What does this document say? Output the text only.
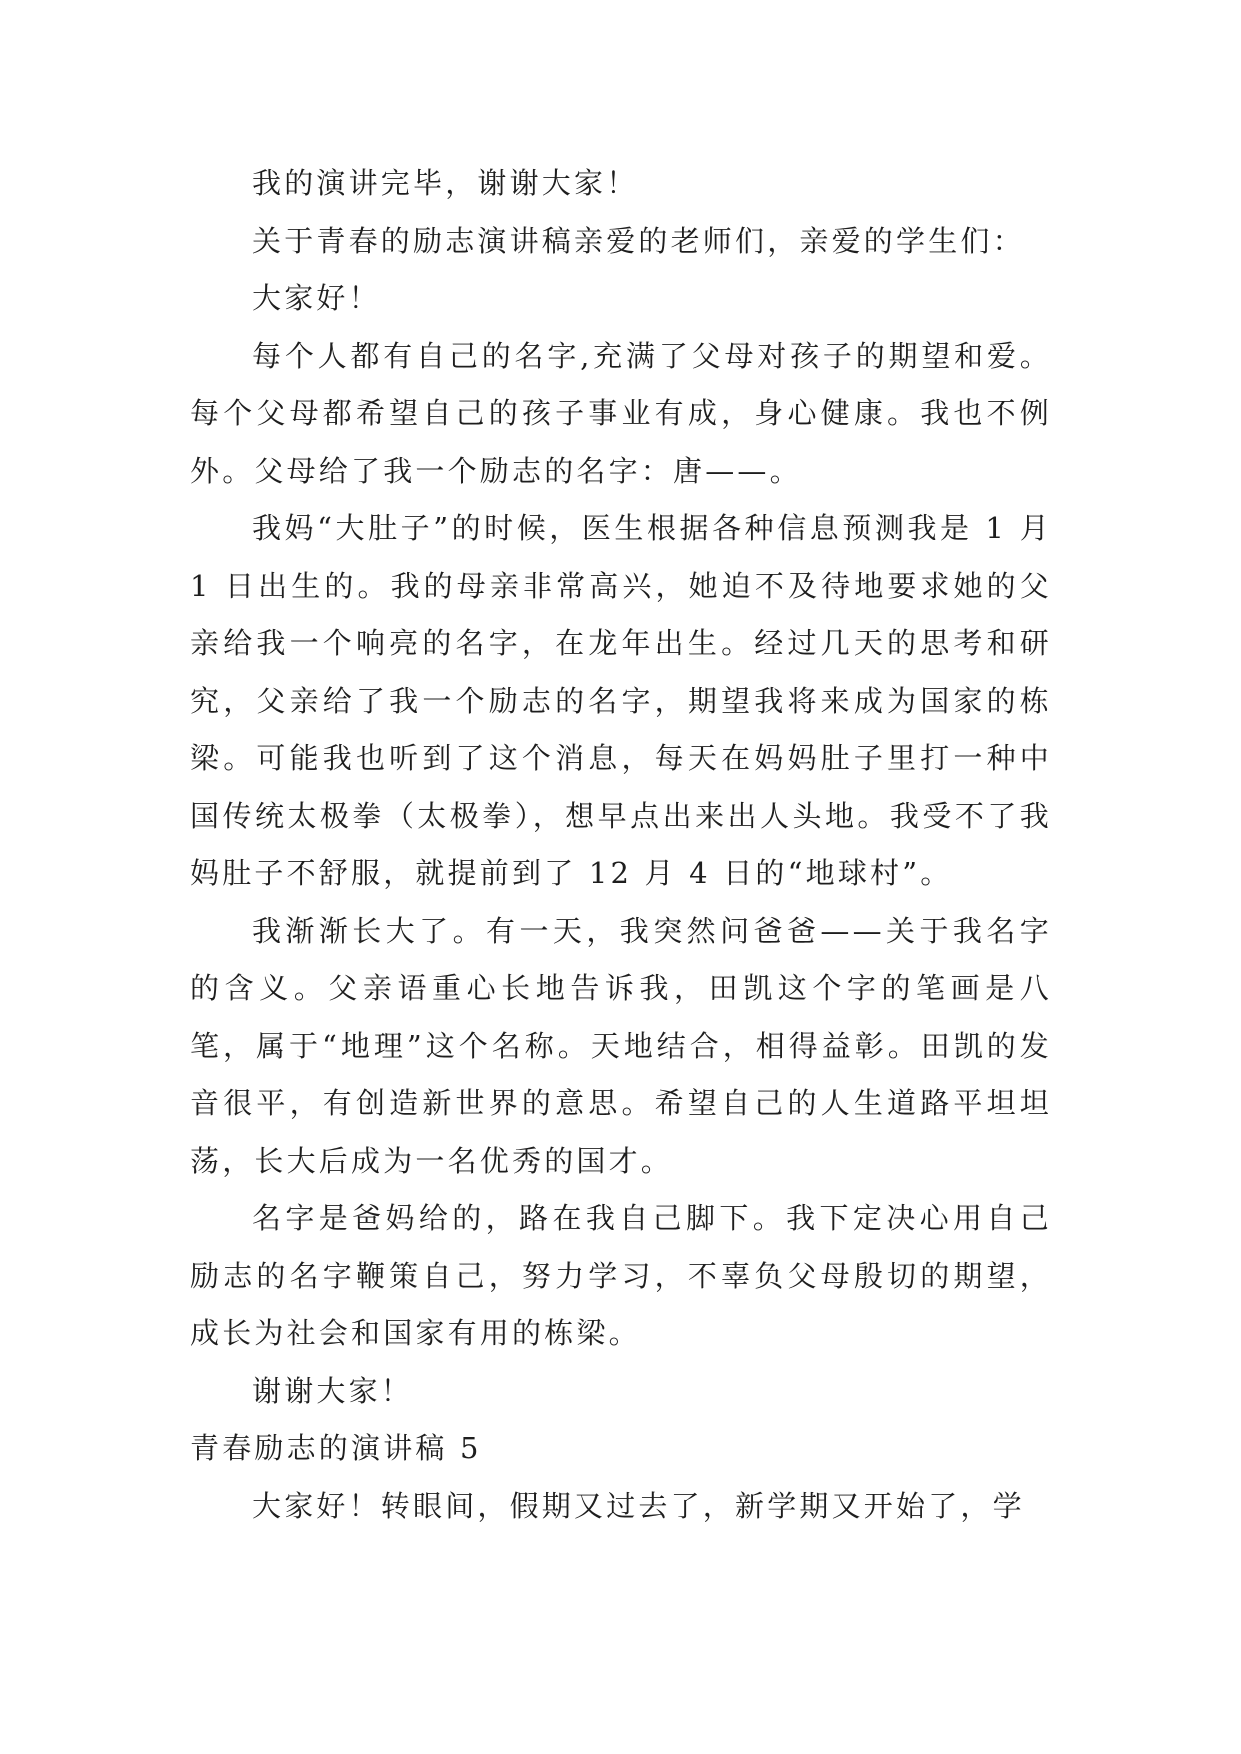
我的演讲完毕，谢谢大家！

关于青春的励志演讲稿亲爱的老师们，亲爱的学生们：

大家好！

每个人都有自己的名字,充满了父母对孩子的期望和爱。每个父母都希望自己的孩子事业有成，身心健康。我也不例外。父母给了我一个励志的名字：唐——。

我妈“大肚子”的时候，医生根据各种信息预测我是 1 月 1 日出生的。我的母亲非常高兴，她迫不及待地要求她的父亲给我一个响亮的名字，在龙年出生。经过几天的思考和研究，父亲给了我一个励志的名字，期望我将来成为国家的栋梁。可能我也听到了这个消息，每天在妈妈肚子里打一种中国传统太极拳（太极拳），想早点出来出人头地。我受不了我妈肚子不舒服，就提前到了 12 月 4 日的“地球村”。

我渐渐长大了。有一天，我突然问爸爸——关于我名字的含义。父亲语重心长地告诉我，田凯这个字的笔画是八笔，属于“地理”这个名称。天地结合，相得益彰。田凯的发音很平，有创造新世界的意思。希望自己的人生道路平坦坦荡，长大后成为一名优秀的国才。

名字是爸妈给的，路在我自己脚下。我下定决心用自己励志的名字鞭策自己，努力学习，不辜负父母殷切的期望，成长为社会和国家有用的栋梁。

谢谢大家！

青春励志的演讲稿 5

大家好！转眼间，假期又过去了，新学期又开始了，学
